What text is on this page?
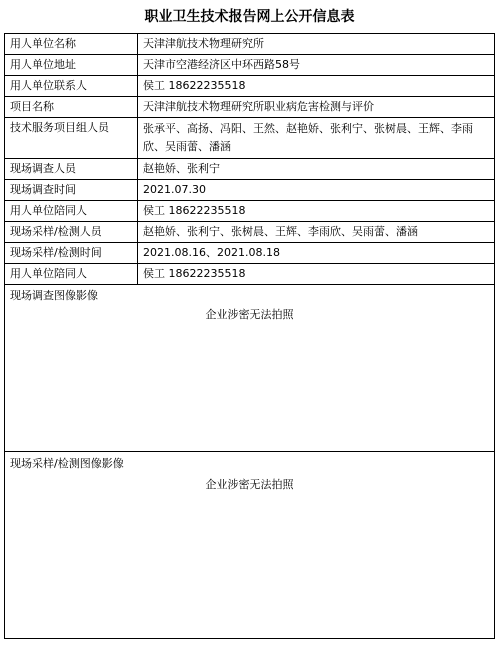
职业卫生技术报告网上公开信息表
用人单位名称	天津津航技术物理研究所
用人单位地址	天津市空港经济区中环西路58号
用人单位联系人	侯工 18622235518
项目名称	天津津航技术物理研究所职业病危害检测与评价
技术服务项目组人员	张承平、高扬、冯阳、王然、赵艳娇、张利宁、张树晨、王辉、李雨欣、吴雨蕾、潘涵
现场调查人员	赵艳娇、张利宁
现场调查时间	2021.07.30
用人单位陪同人	侯工 18622235518
现场采样/检测人员	赵艳娇、张利宁、张树晨、王辉、李雨欣、吴雨蕾、潘涵
现场采样/检测时间	2021.08.16、2021.08.18
用人单位陪同人	侯工 18622235518

现场调查图像影像
企业涉密无法拍照	

现场采样/检测图像影像
企业涉密无法拍照	
